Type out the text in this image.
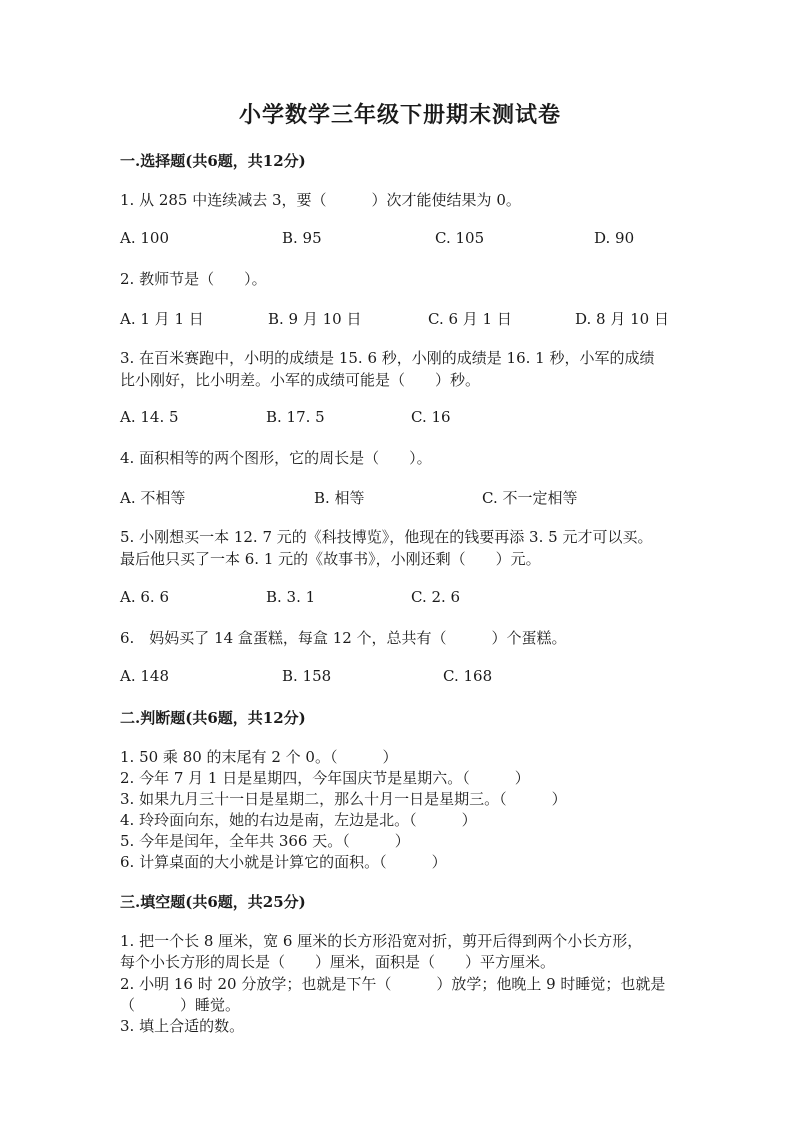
小学数学三年级下册期末测试卷
一.选择题(共6题，共12分)
1. 从 285 中连续减去 3，要（　　　）次才能使结果为 0。
A. 100	B. 95	C. 105	D. 90
2. 教师节是（　　）。
A. 1 月 1 日	B. 9 月 10 日	C. 6 月 1 日	D. 8 月 10 日
3. 在百米赛跑中，小明的成绩是 15. 6 秒，小刚的成绩是 16. 1 秒，小军的成绩
比小刚好，比小明差。小军的成绩可能是（　　）秒。
A. 14. 5	B. 17. 5	C. 16
4. 面积相等的两个图形，它的周长是（　　）。
A. 不相等	B. 相等	C. 不一定相等
5. 小刚想买一本 12. 7 元的《科技博览》，他现在的钱要再添 3. 5 元才可以买。
最后他只买了一本 6. 1 元的《故事书》，小刚还剩（　　）元。
A. 6. 6	B. 3. 1	C. 2. 6
6.　妈妈买了 14 盒蛋糕，每盒 12 个，总共有（　　　）个蛋糕。
A. 148	B. 158	C. 168
二.判断题(共6题，共12分)
1. 50 乘 80 的末尾有 2 个 0。（　　　）
2. 今年 7 月 1 日是星期四，今年国庆节是星期六。（　　　）
3. 如果九月三十一日是星期二，那么十月一日是星期三。（　　　）
4. 玲玲面向东，她的右边是南，左边是北。（　　　）
5. 今年是闰年，全年共 366 天。（　　　）
6. 计算桌面的大小就是计算它的面积。（　　　）
三.填空题(共6题，共25分)
1. 把一个长 8 厘米，宽 6 厘米的长方形沿宽对折，剪开后得到两个小长方形，
每个小长方形的周长是（　　）厘米，面积是（　　）平方厘米。
2. 小明 16 时 20 分放学；也就是下午（　　　）放学；他晚上 9 时睡觉；也就是
（　　　）睡觉。
3. 填上合适的数。
